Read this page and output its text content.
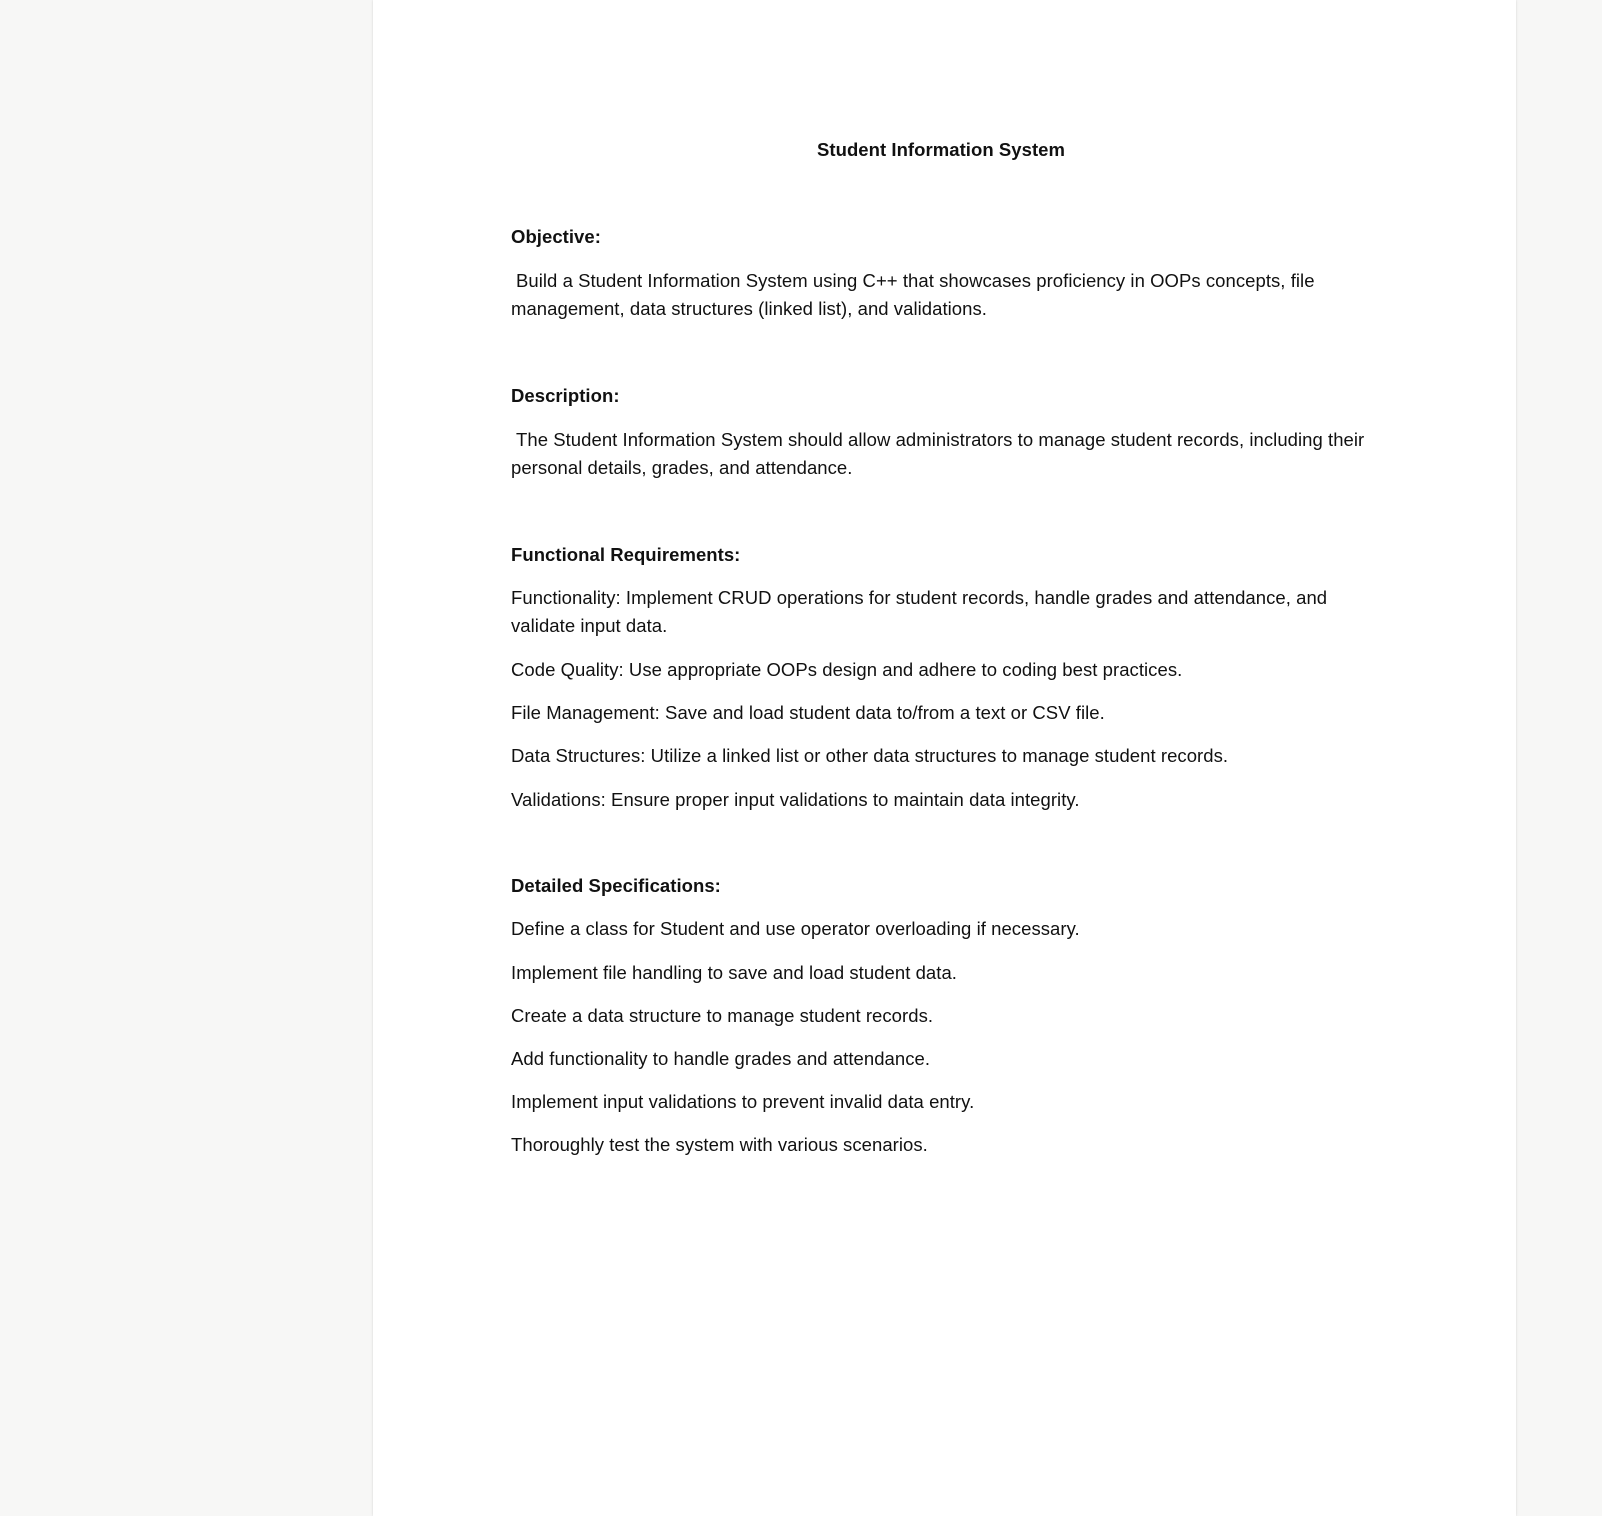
Student Information System

Objective:

Build a Student Information System using C++ that showcases proficiency in OOPs concepts, file management, data structures (linked list), and validations.

Description:

The Student Information System should allow administrators to manage student records, including their personal details, grades, and attendance.

Functional Requirements:

Functionality: Implement CRUD operations for student records, handle grades and attendance, and validate input data.

Code Quality: Use appropriate OOPs design and adhere to coding best practices.

File Management: Save and load student data to/from a text or CSV file.

Data Structures: Utilize a linked list or other data structures to manage student records.

Validations: Ensure proper input validations to maintain data integrity.

Detailed Specifications:

Define a class for Student and use operator overloading if necessary.

Implement file handling to save and load student data.

Create a data structure to manage student records.

Add functionality to handle grades and attendance.

Implement input validations to prevent invalid data entry.

Thoroughly test the system with various scenarios.
